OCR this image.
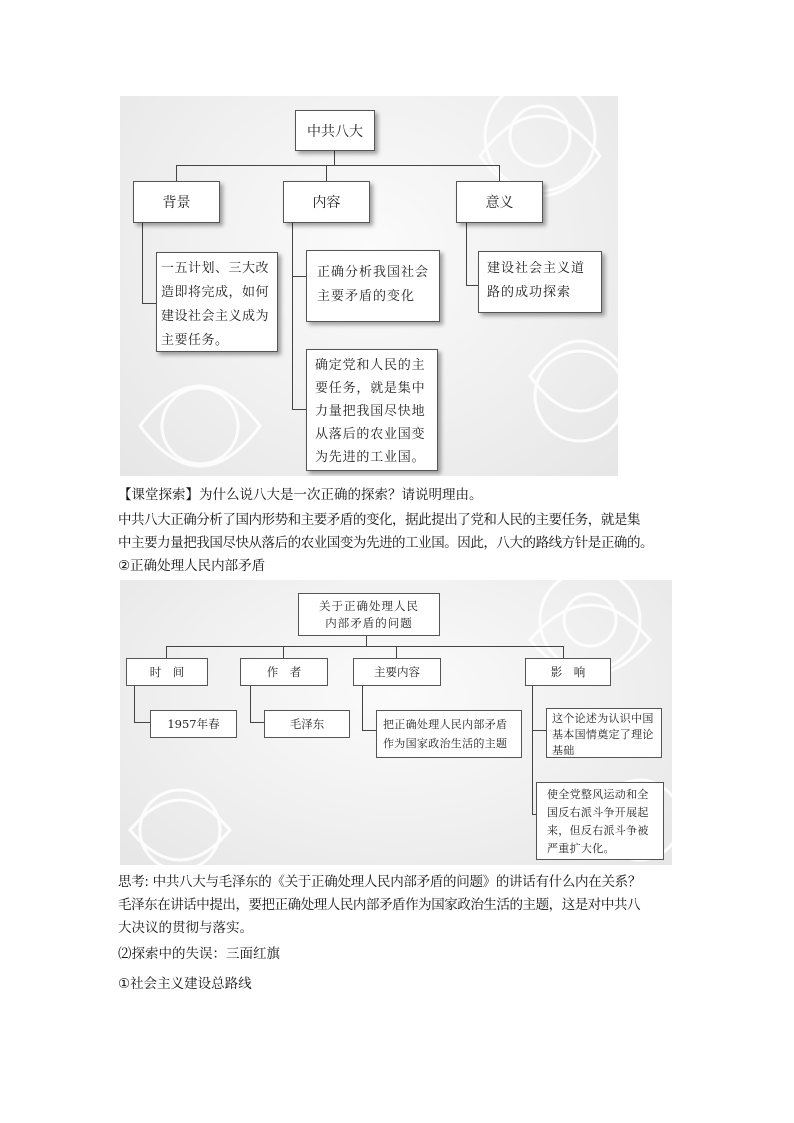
中共八大
背景	内容	意义
一五计划、三大改造即将完成，如何建设社会主义成为主要任务。
正确分析我国社会主要矛盾的变化
确定党和人民的主要任务，就是集中力量把我国尽快地从落后的农业国变为先进的工业国。
建设社会主义道路的成功探索
【课堂探索】为什么说八大是一次正确的探索？请说明理由。
中共八大正确分析了国内形势和主要矛盾的变化，据此提出了党和人民的主要任务，就是集
中主要力量把我国尽快从落后的农业国变为先进的工业国。因此，八大的路线方针是正确的。
②正确处理人民内部矛盾
关于正确处理人民内部矛盾的问题
时　间	作　者	主要内容	影　响
1957年春	毛泽东	把正确处理人民内部矛盾作为国家政治生活的主题
这个论述为认识中国基本国情奠定了理论基础
使全党整风运动和全国反右派斗争开展起来，但反右派斗争被严重扩大化。
思考: 中共八大与毛泽东的《关于正确处理人民内部矛盾的问题》的讲话有什么内在关系？
毛泽东在讲话中提出，要把正确处理人民内部矛盾作为国家政治生活的主题，这是对中共八
大决议的贯彻与落实。
⑵探索中的失误：三面红旗
①社会主义建设总路线
